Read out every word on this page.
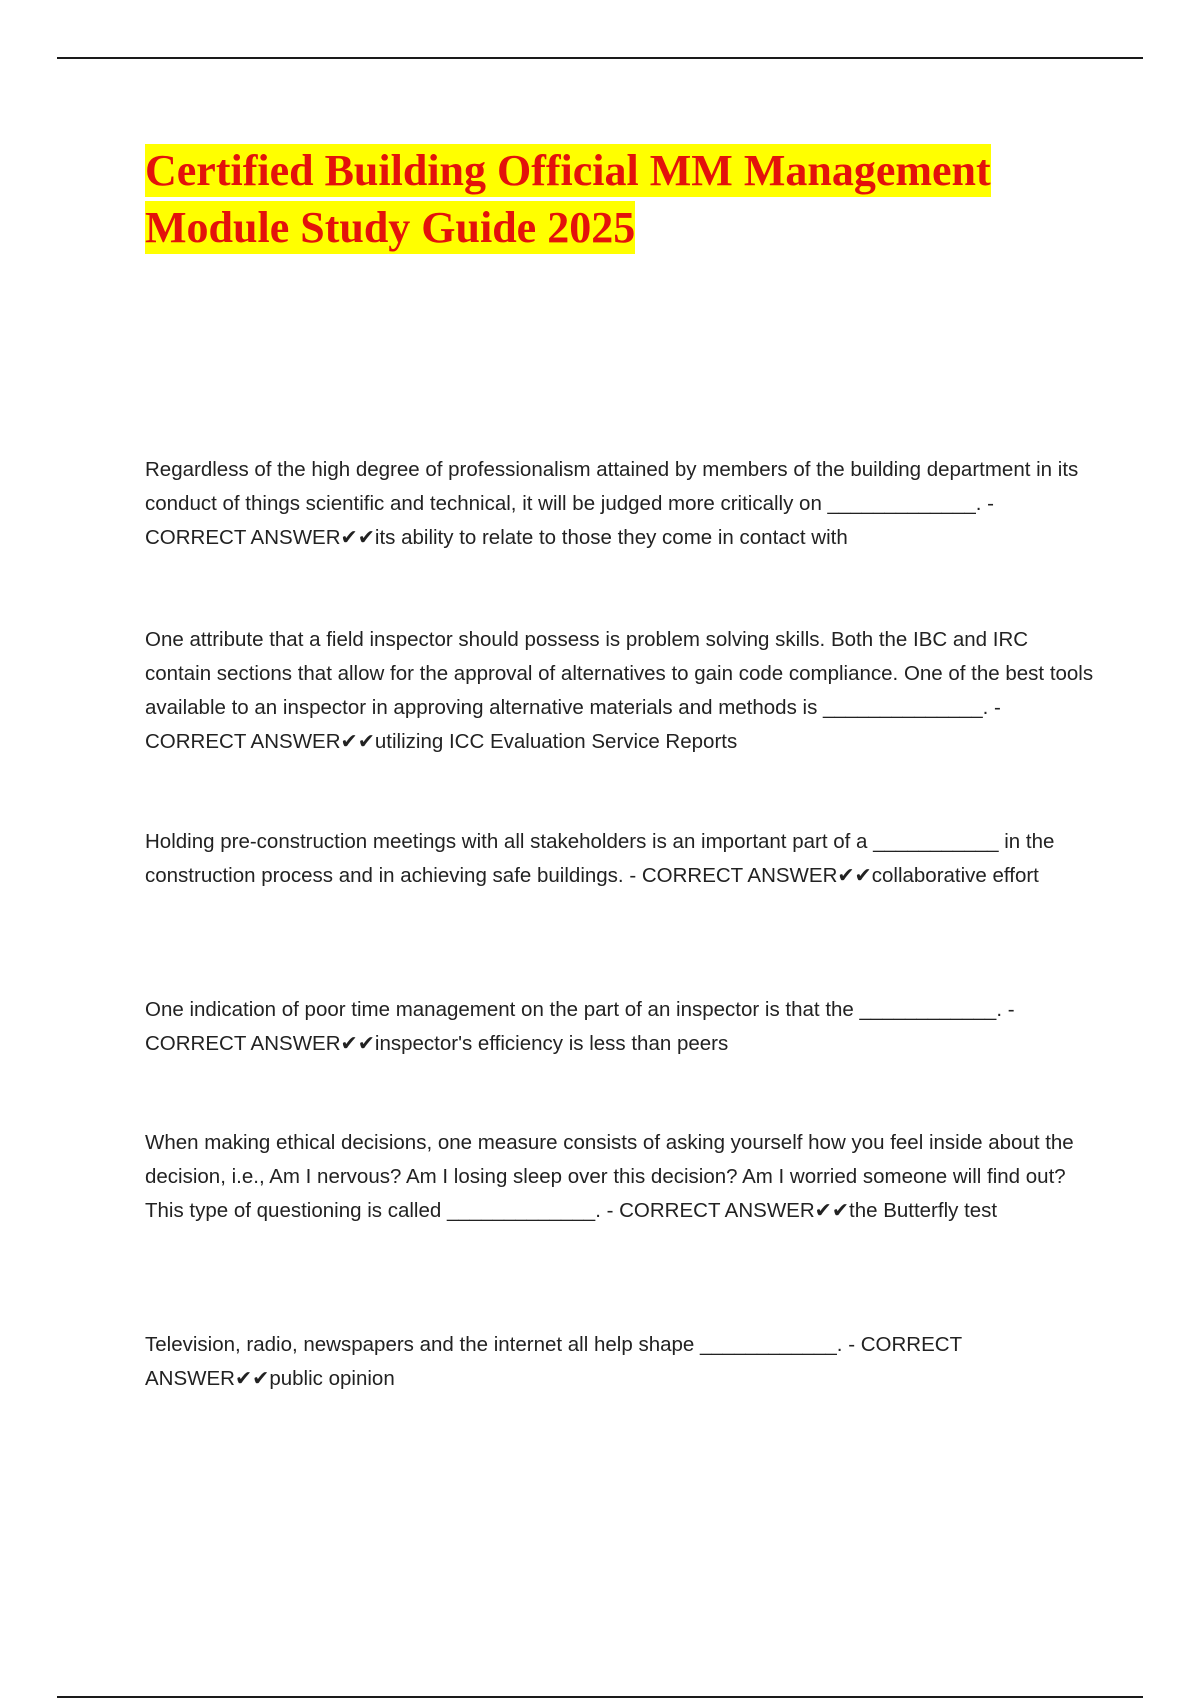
Certified Building Official MM Management
Module Study Guide 2025

Regardless of the high degree of professionalism attained by members of the building department in its conduct of things scientific and technical, it will be judged more critically on _____________. - CORRECT ANSWER✔✔its ability to relate to those they come in contact with

One attribute that a field inspector should possess is problem solving skills. Both the IBC and IRC contain sections that allow for the approval of alternatives to gain code compliance. One of the best tools available to an inspector in approving alternative materials and methods is ______________. - CORRECT ANSWER✔✔utilizing ICC Evaluation Service Reports

Holding pre-construction meetings with all stakeholders is an important part of a ___________ in the construction process and in achieving safe buildings. - CORRECT ANSWER✔✔collaborative effort

One indication of poor time management on the part of an inspector is that the ____________. - CORRECT ANSWER✔✔inspector's efficiency is less than peers

When making ethical decisions, one measure consists of asking yourself how you feel inside about the decision, i.e., Am I nervous? Am I losing sleep over this decision? Am I worried someone will find out? This type of questioning is called _____________. - CORRECT ANSWER✔✔the Butterfly test

Television, radio, newspapers and the internet all help shape ____________. - CORRECT ANSWER✔✔public opinion
